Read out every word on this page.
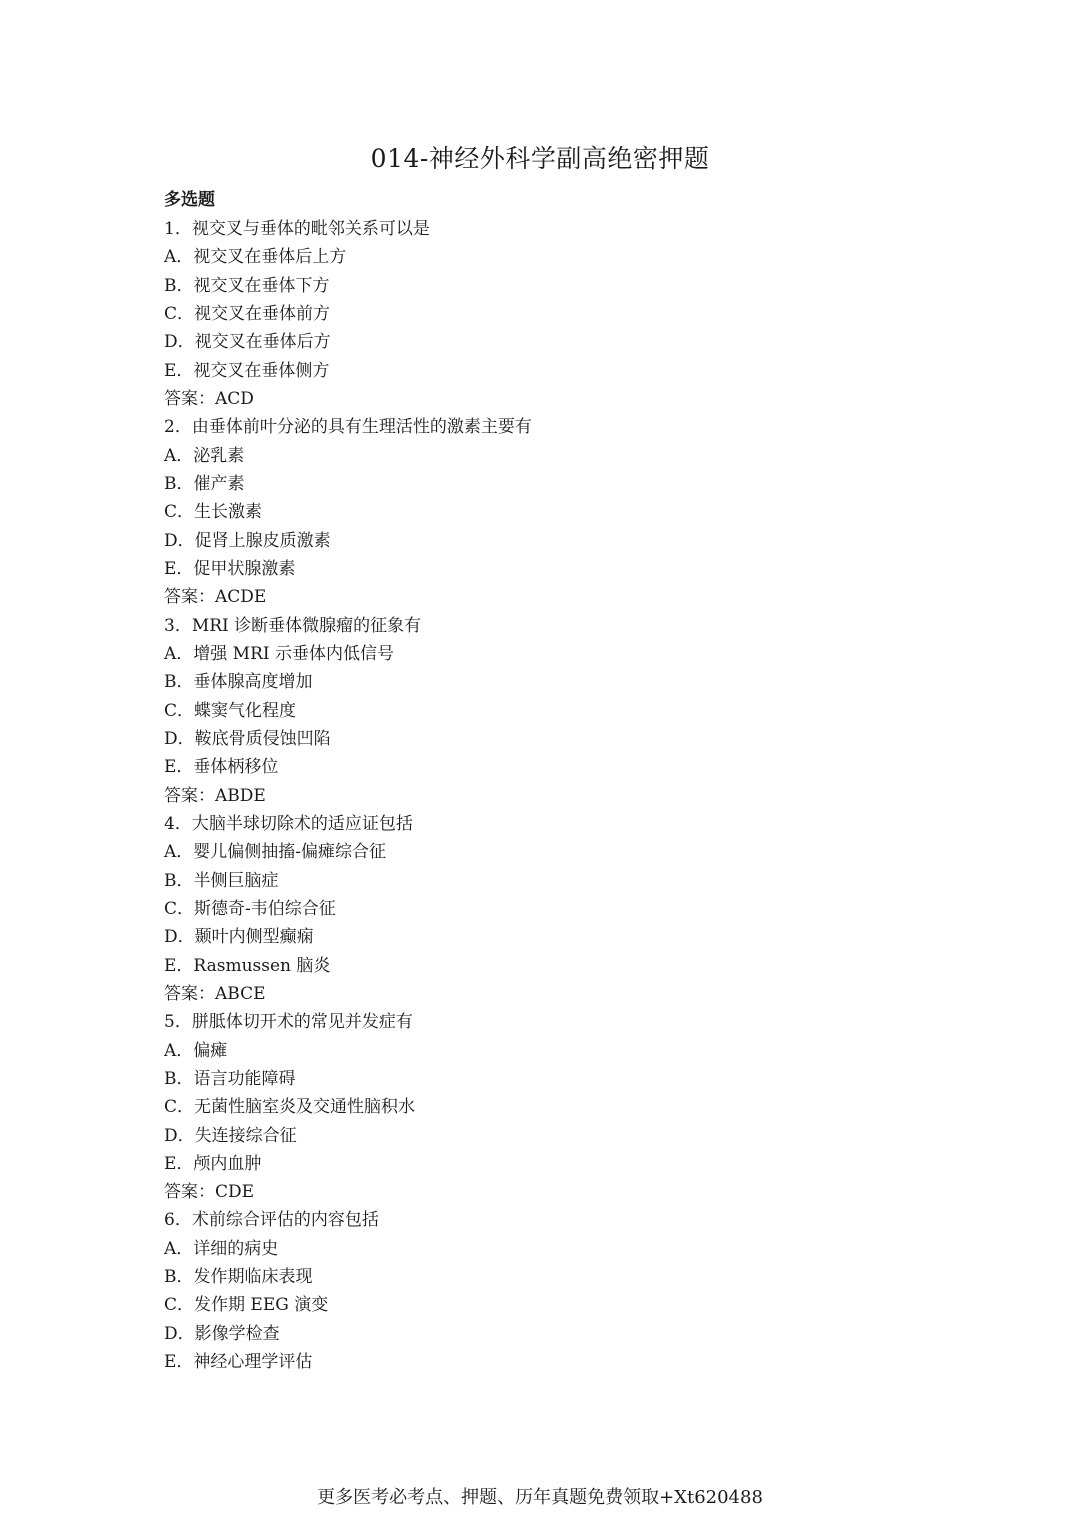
014-神经外科学副高绝密押题
多选题
1．视交叉与垂体的毗邻关系可以是
A．视交叉在垂体后上方
B．视交叉在垂体下方
C．视交叉在垂体前方
D．视交叉在垂体后方
E．视交叉在垂体侧方
答案：ACD
2．由垂体前叶分泌的具有生理活性的激素主要有
A．泌乳素
B．催产素
C．生长激素
D．促肾上腺皮质激素
E．促甲状腺激素
答案：ACDE
3．MRI 诊断垂体微腺瘤的征象有
A．增强 MRI 示垂体内低信号
B．垂体腺高度增加
C．蝶窦气化程度
D．鞍底骨质侵蚀凹陷
E．垂体柄移位
答案：ABDE
4．大脑半球切除术的适应证包括
A．婴儿偏侧抽搐-偏瘫综合征
B．半侧巨脑症
C．斯德奇-韦伯综合征
D．颞叶内侧型癫痫
E．Rasmussen 脑炎
答案：ABCE
5．胼胝体切开术的常见并发症有
A．偏瘫
B．语言功能障碍
C．无菌性脑室炎及交通性脑积水
D．失连接综合征
E．颅内血肿
答案：CDE
6．术前综合评估的内容包括
A．详细的病史
B．发作期临床表现
C．发作期 EEG 演变
D．影像学检查
E．神经心理学评估
更多医考必考点、押题、历年真题免费领取+Xt620488
